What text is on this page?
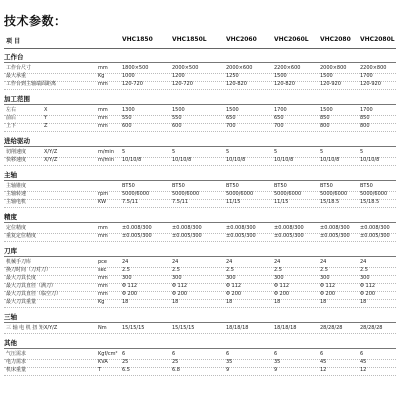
技术参数：
项 目	VHC1850	VHC1850L	VHC2060	VHC2060L VHC2080 VHC2080L
工作台
工作台尺寸	mm	1800×500	2000×500	2000×600	2200×600	2000×800	2200×800
最大承重	Kg	1000	1200	1250	1500	1500	1700
工作台到主轴端面距离	mm	120-720	120-720	120-820	120-820	120-920	120-920
加工范围
左右	X	mm	1300	1500	1500	1700	1500	1700
前后	Y	mm	550	550	650	650	850	850
上下	Z	mm	600	600	700	700	800	800
进给驱动
切削速度	X/Y/Z	m/min 5	5	5	5	5	5
快移速度	X/Y/Z	m/min 10/10/8	10/10/8	10/10/8	10/10/8	10/10/8	10/10/8
主轴
主轴锥度	BT50	BT50	BT50	BT50	BT50	BT50
主轴转速	rpm	5000/6000	5000/6000	5000/6000	5000/6000	5000/6000	5000/6000
主轴电机	KW	7.5/11	7.5/11	11/15	11/15	15/18.5	15/18.5
精度
定位精度	mm	±0.008/300	±0.008/300	±0.008/300	±0.008/300	±0.008/300 ±0.008/300
重复定位精度	mm	±0.005/300	±0.005/300	±0.005/300	±0.005/300	±0.005/300 ±0.005/300
刀库
机械手刀库	pce	24	24	24	24	24	24
换刀时间（刀对刀）	sec	2.5	2.5	2.5	2.5	2.5	2.5
最大刀具长度	mm	300	300	300	300	300	300
最大刀具直径（满刀）	mm	Φ 112	Φ 112	Φ 112	Φ 112	Φ 112	Φ 112
最大刀具直径（临空刀）	mm	Φ 200	Φ 200	Φ 200	Φ 200	Φ 200	Φ 200
最大刀具重量	Kg	18	18	18	18	18	18
三轴
三 轴 电 机 扭 矩 X/Y/Z	Nm	15/15/15	15/15/15	18/18/18	18/18/18	28/28/28	28/28/28
其他
气压需求	Kgf/cm² 6	6	6	6	6	6
电力需求	KVA	25	25	35	35	45	45
机床重量	T	6.5	6.8	9	9	12	12
